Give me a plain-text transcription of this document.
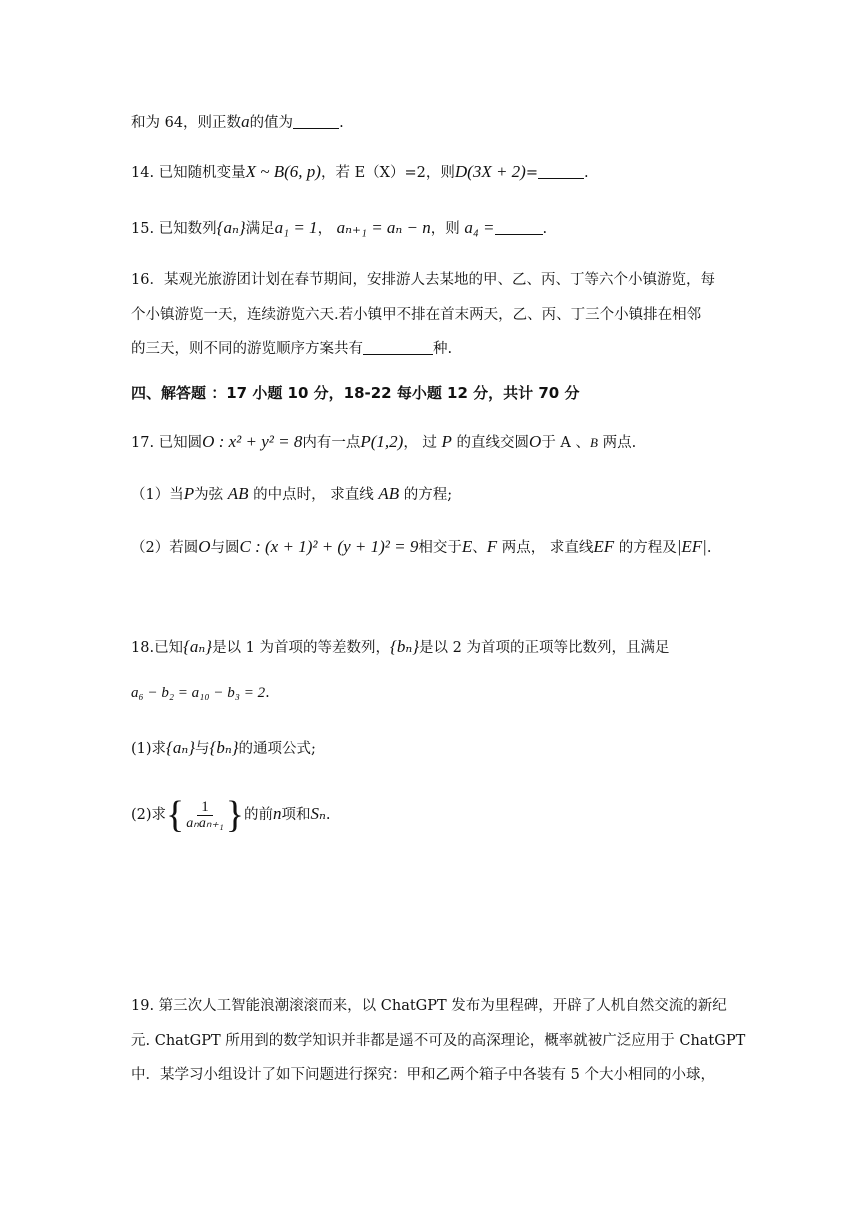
和为 64，则正数a的值为	.
14. 已知随机变量X ~ B(6, p)，若 E（X）=2，则D(3X + 2)=	.
15. 已知数列{aₙ}满足a₁ = 1， aₙ₊₁ = aₙ − n，则 a₄ =	.
16．某观光旅游团计划在春节期间，安排游人去某地的甲、乙、丙、丁等六个小镇游览，每
个小镇游览一天，连续游览六天.若小镇甲不排在首末两天，乙、丙、丁三个小镇排在相邻
的三天，则不同的游览顺序方案共有	种.
四、解答题 ：17 小题 10 分，18-22 每小题 12 分，共计 70 分
17. 已知圆O : x² + y² = 8内有一点P(1,2)， 过 P 的直线交圆O于 A 、B 两点.
（1）当P为弦 AB 的中点时， 求直线 AB 的方程;
（2）若圆O与圆C : (x + 1)² + (y + 1)² = 9相交于E、F 两点， 求直线EF 的方程及|EF|.
18.已知{aₙ}是以 1 为首项的等差数列，{bₙ}是以 2 为首项的正项等比数列，且满足
a₆ − b₂ = a₁₀ − b₃ = 2.
(1)求{aₙ}与{bₙ}的通项公式;
(2)求{ $\frac{1}{\text{aₙaₙ₊₁}}$ }的前n项和Sₙ.
19. 第三次人工智能浪潮滚滚而来，以 ChatGPT 发布为里程碑，开辟了人机自然交流的新纪
元. ChatGPT 所用到的数学知识并非都是遥不可及的高深理论，概率就被广泛应用于 ChatGPT
中．某学习小组设计了如下问题进行探究：甲和乙两个箱子中各装有 5 个大小相同的小球，
